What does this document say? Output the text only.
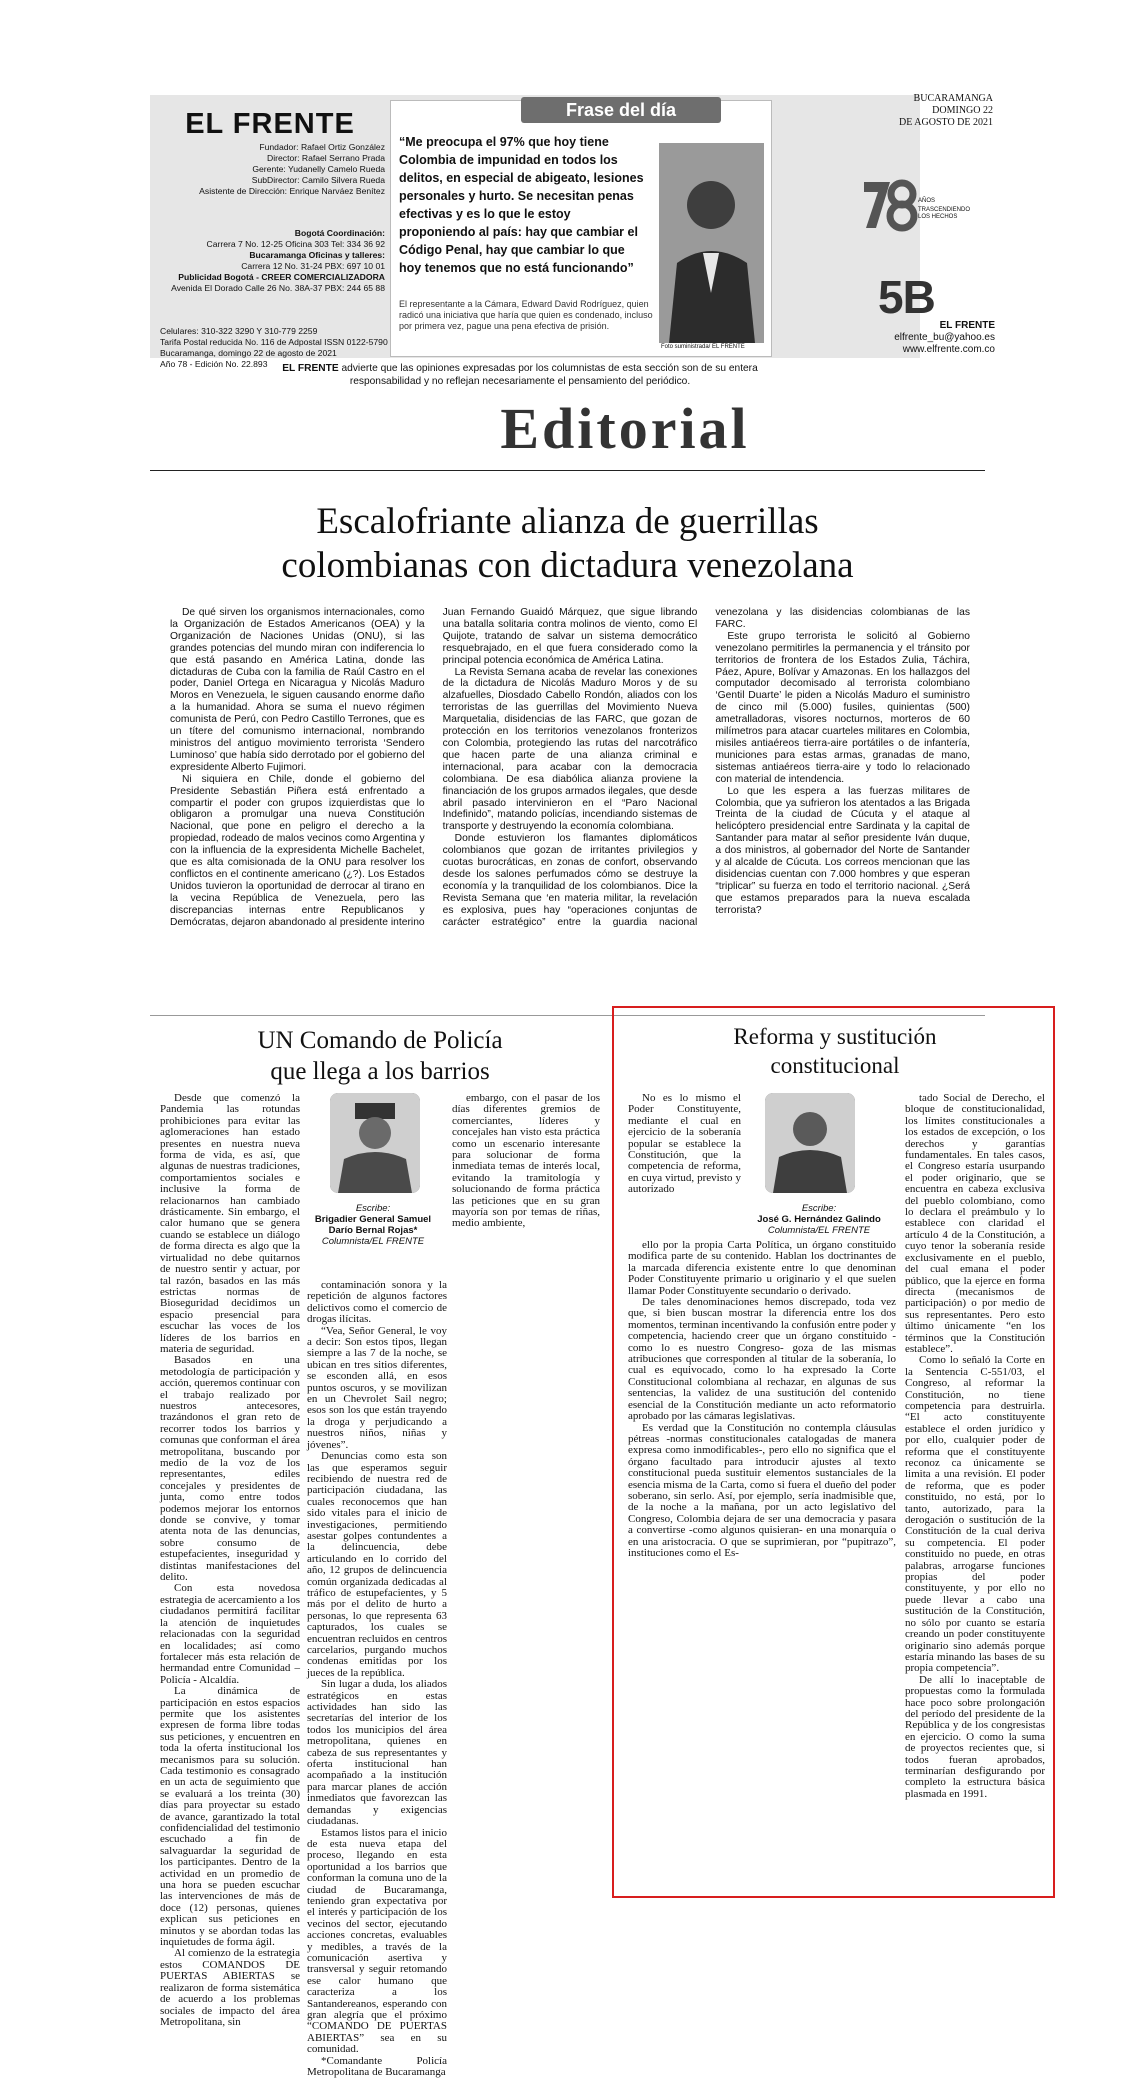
EL FRENTE
Fundador: Rafael Ortiz González
Director: Rafael Serrano Prada
Gerente: Yudanelly Camelo Rueda
SubDirector: Camilo Silvera Rueda
Asistente de Dirección: Enrique Narváez Benítez
Bogotá Coordinación:
Carrera 7 No. 12-25 Oficina 303 Tel: 334 36 92
Bucaramanga Oficinas y talleres:
Carrera 12 No. 31-24 PBX: 697 10 01
Publicidad Bogotá - CREER COMERCIALIZADORA
Avenida El Dorado Calle 26 No. 38A-37 PBX: 244 65 88
Celulares: 310-322 3290 Y 310-779 2259
Tarifa Postal reducida No. 116 de Adpostal ISSN 0122-5790
Bucaramanga, domingo 22 de agosto de 2021
Año 78 - Edición No. 22.893
Frase del día
“Me preocupa el 97% que hoy tiene Colombia de impunidad en todos los delitos, en especial de abigeato, lesiones personales y hurto. Se necesitan penas efectivas y es lo que le estoy proponiendo al país: hay que cambiar el Código Penal, hay que cambiar lo que hoy tenemos que no está funcionando”
El representante a la Cámara, Edward David Rodríguez, quien radicó una iniciativa que haría que quien es condenado, incluso por primera vez, pague una pena efectiva de prisión.
Foto suministrada/ EL FRENTE
BUCARAMANGA
DOMINGO 22
DE AGOSTO DE 2021
AÑOS
TRASCENDIENDO LOS HECHOS
5B
EL FRENTE
elfrente_bu@yahoo.es
www.elfrente.com.co
EL FRENTE advierte que las opiniones expresadas por los columnistas de esta sección son de su entera responsabilidad y no reflejan necesariamente el pensamiento del periódico.
Editorial
Escalofriante alianza de guerrillas
colombianas con dictadura venezolana

De qué sirven los organismos internacionales, como la Organización de Estados Americanos (OEA) y la Organización de Naciones Unidas (ONU), si las grandes potencias del mundo miran con indiferencia lo que está pasando en América Latina, donde las dictaduras de Cuba con la familia de Raúl Castro en el poder, Daniel Ortega en Nicaragua y Nicolás Maduro Moros en Venezuela, le siguen causando enorme daño a la humanidad. Ahora se suma el nuevo régimen comunista de Perú, con Pedro Castillo Terrones, que es un títere del comunismo internacional, nombrando ministros del antiguo movimiento terrorista ‘Sendero Luminoso’ que había sido derrotado por el gobierno del expresidente Alberto Fujimori.

Ni siquiera en Chile, donde el gobierno del Presidente Sebastián Piñera está enfrentado a compartir el poder con grupos izquierdistas que lo obligaron a promulgar una nueva Constitución Nacional, que pone en peligro el derecho a la propiedad, rodeado de malos vecinos como Argentina y con la influencia de la expresidenta Michelle Bachelet, que es alta comisionada de la ONU para resolver los conflictos en el continente americano (¿?). Los Estados Unidos tuvieron la oportunidad de derrocar al tirano en la vecina República de Venezuela, pero las discrepancias internas entre Republicanos y Demócratas, dejaron abandonado al presidente interino Juan Fernando Guaidó Márquez, que sigue librando una batalla solitaria contra molinos de viento, como El Quijote, tratando de salvar un sistema democrático resquebrajado, en el que fuera considerado como la principal potencia económica de América Latina.

La Revista Semana acaba de revelar las conexiones de la dictadura de Nicolás Maduro Moros y de su alzafuelles, Diosdado Cabello Rondón, aliados con los terroristas de las guerrillas del Movimiento Nueva Marquetalia, disidencias de las FARC, que gozan de protección en los territorios venezolanos fronterizos con Colombia, protegiendo las rutas del narcotráfico que hacen parte de una alianza criminal e internacional, para acabar con la democracia colombiana. De esa diabólica alianza proviene la financiación de los grupos armados ilegales, que desde abril pasado intervinieron en el “Paro Nacional Indefinido”, matando policías, incendiando sistemas de transporte y destruyendo la economía colombiana.

Donde estuvieron los flamantes diplomáticos colombianos que gozan de irritantes privilegios y cuotas burocráticas, en zonas de confort, observando desde los salones perfumados cómo se destruye la economía y la tranquilidad de los colombianos. Dice la Revista Semana que ‘en materia militar, la revelación es explosiva, pues hay “operaciones conjuntas de carácter estratégico” entre la guardia nacional venezolana y las disidencias colombianas de las FARC.

Este grupo terrorista le solicitó al Gobierno venezolano permitirles la permanencia y el tránsito por territorios de frontera de los Estados Zulia, Táchira, Páez, Apure, Bolívar y Amazonas. En los hallazgos del computador decomisado al terrorista colombiano ‘Gentil Duarte’ le piden a Nicolás Maduro el suministro de cinco mil (5.000) fusiles, quinientas (500) ametralladoras, visores nocturnos, morteros de 60 milímetros para atacar cuarteles militares en Colombia, misiles antiaéreos tierra-aire portátiles o de infantería, municiones para estas armas, granadas de mano, sistemas antiaéreos tierra-aire y todo lo relacionado con material de intendencia.

Lo que les espera a las fuerzas militares de Colombia, que ya sufrieron los atentados a las Brigada Treinta de la ciudad de Cúcuta y el ataque al helicóptero presidencial entre Sardinata y la capital de Santander para matar al señor presidente Iván duque, a dos ministros, al gobernador del Norte de Santander y al alcalde de Cúcuta. Los correos mencionan que las disidencias cuentan con 7.000 hombres y que esperan “triplicar” su fuerza en todo el territorio nacional. ¿Será que estamos preparados para la nueva escalada terrorista?

UN Comando de Policía
que llega a los barrios

Desde que comenzó la Pandemia las rotundas prohibiciones para evitar las aglomeraciones han estado presentes en nuestra nueva forma de vida, es así, que algunas de nuestras tradiciones, comportamientos sociales e inclusive la forma de relacionarnos han cambiado drásticamente. Sin embargo, el calor humano que se genera cuando se establece un diálogo de forma directa es algo que la virtualidad no debe quitarnos de nuestro sentir y actuar, por tal razón, basados en las más estrictas normas de Bioseguridad decidimos un espacio presencial para escuchar las voces de los líderes de los barrios en materia de seguridad.

Basados en una metodología de participación y acción, queremos continuar con el trabajo realizado por nuestros antecesores, trazándonos el gran reto de recorrer todos los barrios y comunas que conforman el área metropolitana, buscando por medio de la voz de los representantes, ediles concejales y presidentes de junta, como entre todos podemos mejorar los entornos donde se convive, y tomar atenta nota de las denuncias, sobre consumo de estupefacientes, inseguridad y distintas manifestaciones del delito.

Con esta novedosa estrategia de acercamiento a los ciudadanos permitirá facilitar la atención de inquietudes relacionadas con la seguridad en localidades; así como fortalecer más esta relación de hermandad entre Comunidad – Policía - Alcaldía.

La dinámica de participación en estos espacios permite que los asistentes expresen de forma libre todas sus peticiones, y encuentren en toda la oferta institucional los mecanismos para su solución. Cada testimonio es consagrado en un acta de seguimiento que se evaluará a los treinta (30) días para proyectar su estado de avance, garantizado la total confidencialidad del testimonio escuchado a fin de salvaguardar la seguridad de los participantes. Dentro de la actividad en un promedio de una hora se pueden escuchar las intervenciones de más de doce (12) personas, quienes explican sus peticiones en minutos y se abordan todas las inquietudes de forma ágil.

Al comienzo de la estrategia estos COMANDOS DE PUERTAS ABIERTAS se realizaron de forma sistemática de acuerdo a los problemas sociales de impacto del área Metropolitana, sin

Escribe:
Brigadier General Samuel Darío Bernal Rojas*
Columnista/EL FRENTE

contaminación sonora y la repetición de algunos factores delictivos como el comercio de drogas ilícitas.

“Vea, Señor General, le voy a decir: Son estos tipos, llegan siempre a las 7 de la noche, se ubican en tres sitios diferentes, se esconden allá, en esos puntos oscuros, y se movilizan en un Chevrolet Sail negro; esos son los que están trayendo la droga y perjudicando a nuestros niños, niñas y jóvenes”.

Denuncias como esta son las que esperamos seguir recibiendo de nuestra red de participación ciudadana, las cuales reconocemos que han sido vitales para el inicio de investigaciones, permitiendo asestar golpes contundentes a la delincuencia, debe articulando en lo corrido del año, 12 grupos de delincuencia común organizada dedicadas al tráfico de estupefacientes, y 5 más por el delito de hurto a personas, lo que representa 63 capturados, los cuales se encuentran recluidos en centros carcelarios, purgando muchos condenas emitidas por los jueces de la república.

Sin lugar a duda, los aliados estratégicos en estas actividades han sido las secretarías del interior de los todos los municipios del área metropolitana, quienes en cabeza de sus representantes y oferta institucional han acompañado a la institución para marcar planes de acción inmediatos que favorezcan las demandas y exigencias ciudadanas.

Estamos listos para el inicio de esta nueva etapa del proceso, llegando en esta oportunidad a los barrios que conforman la comuna uno de la ciudad de Bucaramanga, teniendo gran expectativa por el interés y participación de los vecinos del sector, ejecutando acciones concretas, evaluables y medibles, a través de la comunicación asertiva y transversal y seguir retomando ese calor humano que caracteriza a los Santandereanos, esperando con gran alegría que el próximo “COMANDO DE PUERTAS ABIERTAS” sea en su comunidad.

*Comandante Policía Metropolitana de Bucaramanga

embargo, con el pasar de los días diferentes gremios de comerciantes, líderes y concejales han visto esta práctica como un escenario interesante para solucionar de forma inmediata temas de interés local, evitando la tramitología y solucionando de forma práctica las peticiones que en su gran mayoría son por temas de riñas, medio ambiente,

Reforma y sustitución
constitucional

No es lo mismo el Poder Constituyente, mediante el cual en ejercicio de la soberanía popular se establece la Constitución, que la competencia de reforma, en cuya virtud, previsto y autorizado

Escribe:
José G. Hernández Galindo
Columnista/EL FRENTE

ello por la propia Carta Política, un órgano constituido modifica parte de su contenido. Hablan los doctrinantes de la marcada diferencia existente entre lo que denominan Poder Constituyente primario u originario y el que suelen llamar Poder Constituyente secundario o derivado.

De tales denominaciones hemos discrepado, toda vez que, si bien buscan mostrar la diferencia entre los dos momentos, terminan incentivando la confusión entre poder y competencia, haciendo creer que un órgano constituido -como lo es nuestro Congreso- goza de las mismas atribuciones que corresponden al titular de la soberanía, lo cual es equivocado, como lo ha expresado la Corte Constitucional colombiana al rechazar, en algunas de sus sentencias, la validez de una sustitución del contenido esencial de la Constitución mediante un acto reformatorio aprobado por las cámaras legislativas.

Es verdad que la Constitución no contempla cláusulas pétreas -normas constitucionales catalogadas de manera expresa como inmodificables-, pero ello no significa que el órgano facultado para introducir ajustes al texto constitucional pueda sustituir elementos sustanciales de la esencia misma de la Carta, como si fuera el dueño del poder soberano, sin serlo. Así, por ejemplo, sería inadmisible que, de la noche a la mañana, por un acto legislativo del Congreso, Colombia dejara de ser una democracia y pasara a convertirse -como algunos quisieran- en una monarquía o en una aristocracia. O que se suprimieran, por “pupitrazo”, instituciones como el Es-

tado Social de Derecho, el bloque de constitucionalidad, los límites constitucionales a los estados de excepción, o los derechos y garantías fundamentales. En tales casos, el Congreso estaría usurpando el poder originario, que se encuentra en cabeza exclusiva del pueblo colombiano, como lo declara el preámbulo y lo establece con claridad el artículo 4 de la Constitución, a cuyo tenor la soberanía reside exclusivamente en el pueblo, del cual emana el poder público, que la ejerce en forma directa (mecanismos de participación) o por medio de sus representantes. Pero esto último únicamente “en los términos que la Constitución establece”.

Como lo señaló la Corte en la Sentencia C-551/03, el Congreso, al reformar la Constitución, no tiene competencia para destruirla. “El acto constituyente establece el orden jurídico y por ello, cualquier poder de reforma que el constituyente reconoz ca únicamente se limita a una revisión. El poder de reforma, que es poder constituido, no está, por lo tanto, autorizado, para la derogación o sustitución de la Constitución de la cual deriva su competencia. El poder constituido no puede, en otras palabras, arrogarse funciones propias del poder constituyente, y por ello no puede llevar a cabo una sustitución de la Constitución, no sólo por cuanto se estaría creando un poder constituyente originario sino además porque estaría minando las bases de su propia competencia”.

De allí lo inaceptable de propuestas como la formulada hace poco sobre prolongación del período del presidente de la República y de los congresistas en ejercicio. O como la suma de proyectos recientes que, si todos fueran aprobados, terminarían desfigurando por completo la estructura básica plasmada en 1991.
